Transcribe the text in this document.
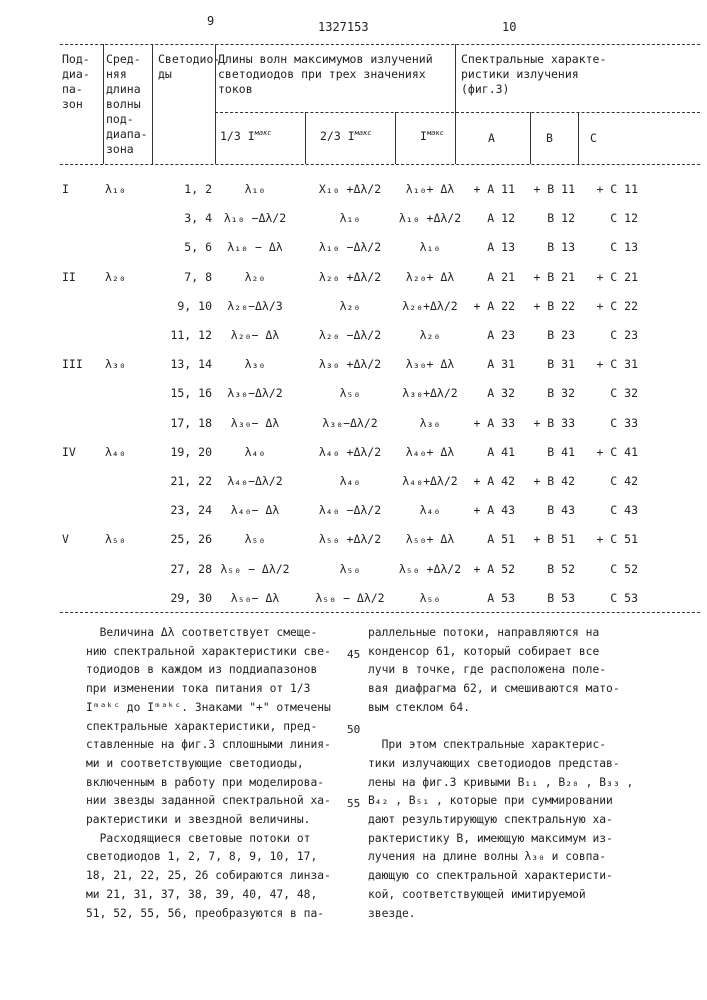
9	1327153	10
Под-
диа-
па-
зон
Сред-
няя
длина
волны
под-
диапа-
зона
Светодио-
ды
Длины волн максимумов излучений
светодиодов при трех значениях
токов
Спектральные характе-
ристики излучения
(фиг.3)
1/3 Iмакс	2/3 Iмакс	Iмакс	A	B	C
I	λ₁₀	1, 2	λ₁₀	X₁₀ +Δλ/2	λ₁₀+ Δλ	+ A 11	+ B 11	+ C 11
3, 4	λ₁₀ −Δλ/2	λ₁₀	λ₁₀ +Δλ/2	A 12	B 12	C 12
5, 6	λ₁₀ − Δλ	λ₁₀ −Δλ/2	λ₁₀	A 13	B 13	C 13
II	λ₂₀	7, 8	λ₂₀	λ₂₀ +Δλ/2	λ₂₀+ Δλ	A 21	+ B 21	+ C 21
9, 10	λ₂₀−Δλ/3	λ₂₀	λ₂₀+Δλ/2	+ A 22	+ B 22	+ C 22
11, 12	λ₂₀− Δλ	λ₂₀ −Δλ/2	λ₂₀	A 23	B 23	C 23
III	λ₃₀	13, 14	λ₃₀	λ₃₀ +Δλ/2	λ₃₀+ Δλ	A 31	B 31	+ C 31
15, 16	λ₃₀−Δλ/2	λ₅₀	λ₃₀+Δλ/2	A 32	B 32	C 32
17, 18	λ₃₀− Δλ	λ₃₀−Δλ/2	λ₃₀	+ A 33	+ B 33	C 33
IV	λ₄₀	19, 20	λ₄₀	λ₄₀ +Δλ/2	λ₄₀+ Δλ	A 41	B 41	+ C 41
21, 22	λ₄₀−Δλ/2	λ₄₀	λ₄₀+Δλ/2	+ A 42	+ B 42	C 42
23, 24	λ₄₀− Δλ	λ₄₀ −Δλ/2	λ₄₀	+ A 43	B 43	C 43
V	λ₅₀	25, 26	λ₅₀	λ₅₀ +Δλ/2	λ₅₀+ Δλ	A 51	+ B 51	+ C 51
27, 28 λ₅₀ − Δλ/2	λ₅₀	λ₅₀ +Δλ/2	+ A 52	B 52	C 52
29, 30	λ₅₀− Δλ	λ₅₀ − Δλ/2	λ₅₀	A 53	B 53	C 53
Величина Δλ соответствует смеще-
нию спектральной характеристики све-
тодиодов в каждом из поддиапазонов
при изменении тока питания от 1/3
Iᵐᵃᵏᶜ до Iᵐᵃᵏᶜ. Знаками "+" отмечены
спектральные характеристики, пред-
ставленные на фиг.3 сплошными линия-
ми и соответствующие светодиоды,
включенным в работу при моделирова-
нии звезды заданной спектральной ха-
рактеристики и звездной величины.
Расходящиеся световые потоки от
светодиодов 1, 2, 7, 8, 9, 10, 17,
18, 21, 22, 25, 26 собираются линза-
ми 21, 31, 37, 38, 39, 40, 47, 48,
51, 52, 55, 56, преобразуются в па-
раллельные потоки, направляются на
конденсор 61, который собирает все
лучи в точке, где расположена поле-
вая диафрагма 62, и смешиваются мато-
вым стеклом 64.

При этом спектральные характерис-
тики излучающих светодиодов представ-
лены на фиг.3 кривыми B₁₁ , B₂₀ , B₃₃ ,
B₄₂ , B₅₁ , которые при суммировании
дают результирующую спектральную ха-
рактеристику B, имеющую максимум из-
лучения на длине волны λ₃₀ и совпа-
дающую со спектральной характеристи-
кой, соответствующей имитируемой
звезде.
45
50
55
